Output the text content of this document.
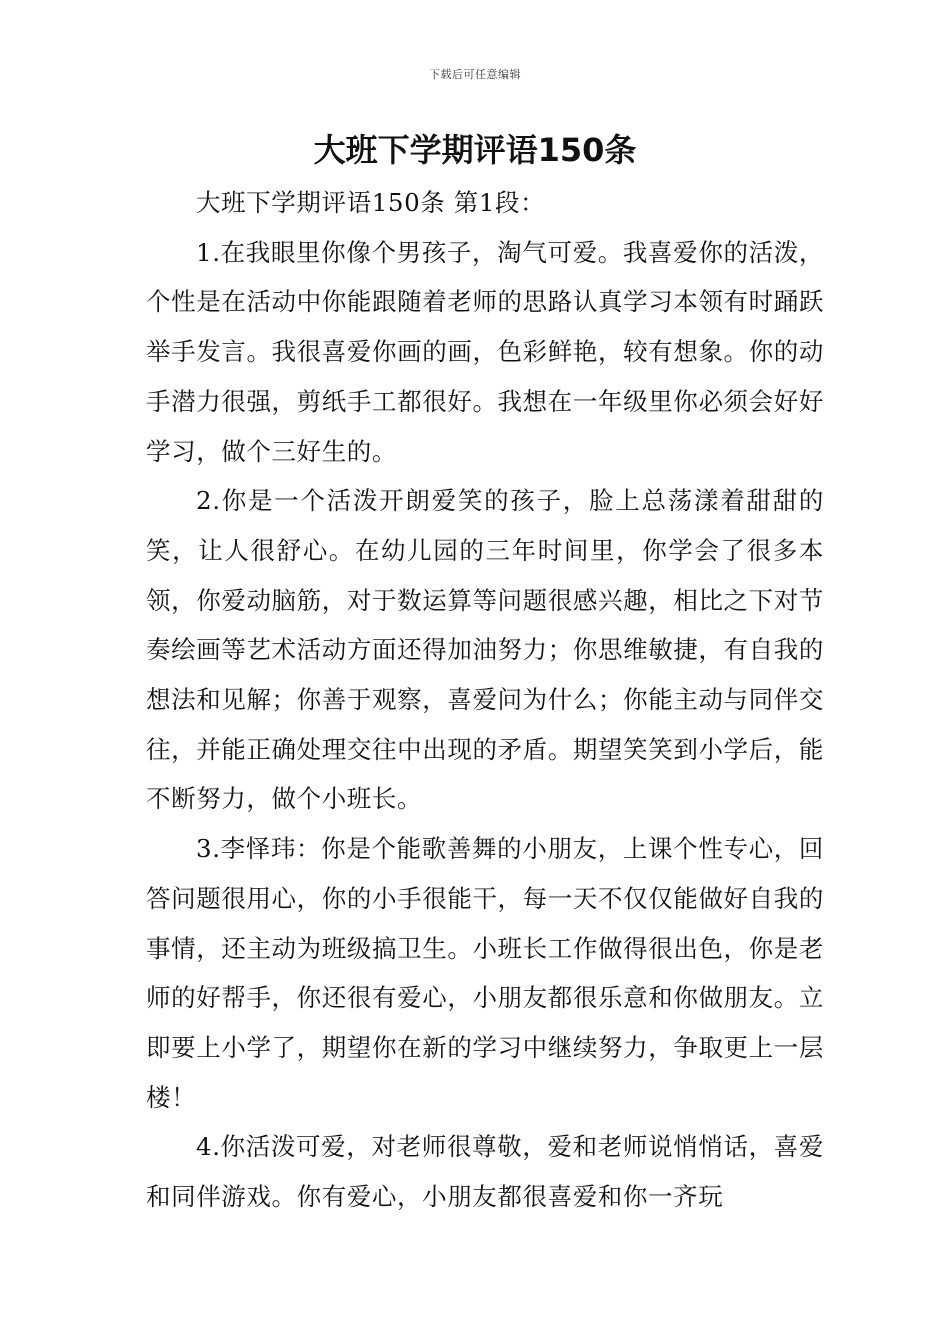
下载后可任意编辑
大班下学期评语150条

大班下学期评语150条 第1段：

1.在我眼里你像个男孩子，淘气可爱。我喜爱你的活泼，个性是在活动中你能跟随着老师的思路认真学习本领有时踊跃举手发言。我很喜爱你画的画，色彩鲜艳，较有想象。你的动手潜力很强，剪纸手工都很好。我想在一年级里你必须会好好学习，做个三好生的。

2.你是一个活泼开朗爱笑的孩子，脸上总荡漾着甜甜的笑，让人很舒心。在幼儿园的三年时间里，你学会了很多本领，你爱动脑筋，对于数运算等问题很感兴趣，相比之下对节奏绘画等艺术活动方面还得加油努力；你思维敏捷，有自我的想法和见解；你善于观察，喜爱问为什么；你能主动与同伴交往，并能正确处理交往中出现的矛盾。期望笑笑到小学后，能不断努力，做个小班长。

3.李怿玮：你是个能歌善舞的小朋友，上课个性专心，回答问题很用心，你的小手很能干，每一天不仅仅能做好自我的事情，还主动为班级搞卫生。小班长工作做得很出色，你是老师的好帮手，你还很有爱心，小朋友都很乐意和你做朋友。立即要上小学了，期望你在新的学习中继续努力，争取更上一层楼！

4.你活泼可爱，对老师很尊敬，爱和老师说悄悄话，喜爱和同伴游戏。你有爱心，小朋友都很喜爱和你一齐玩
